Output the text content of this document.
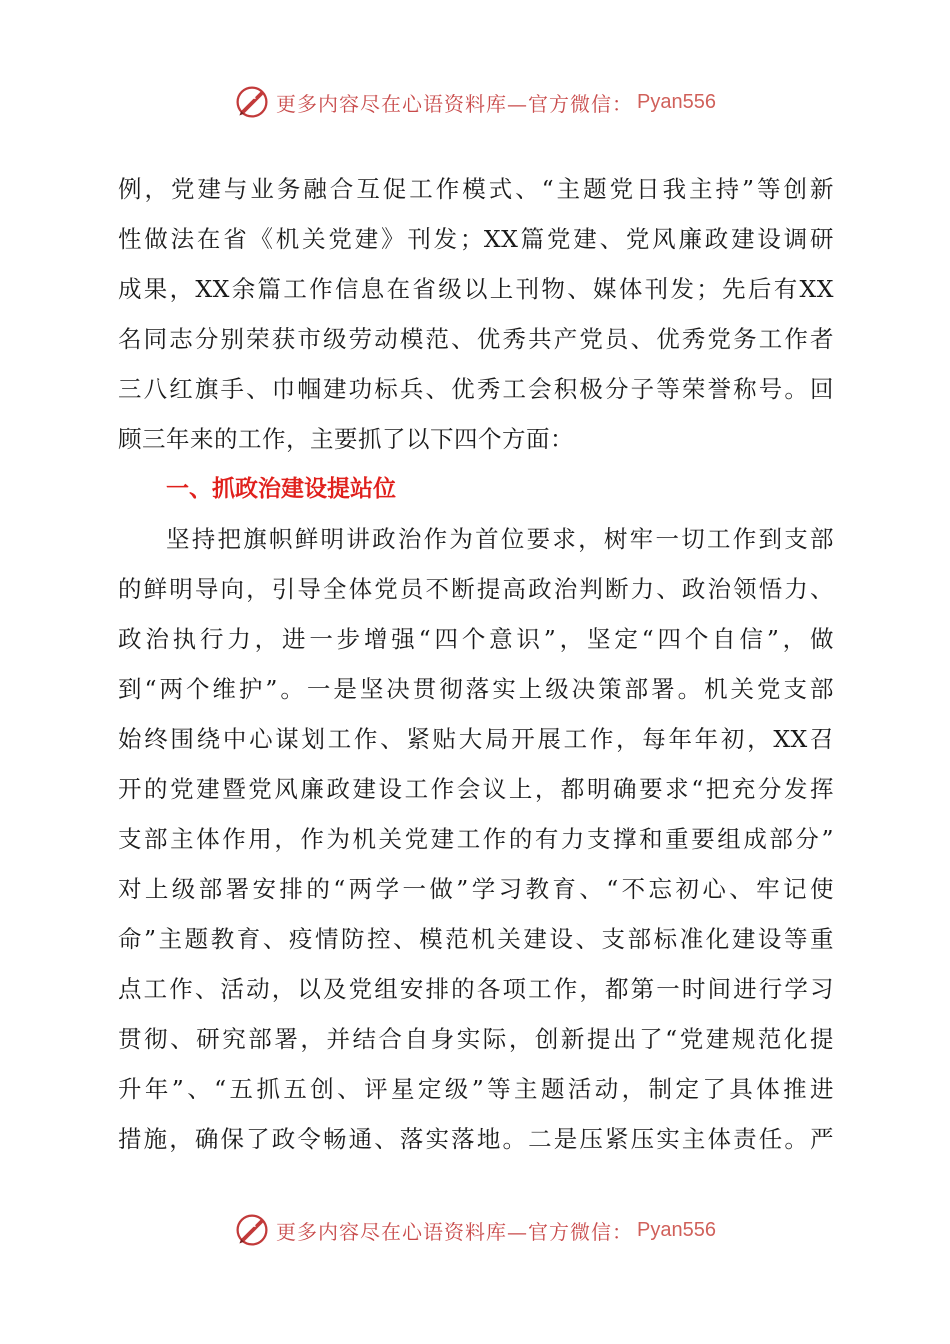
更多内容尽在心语资料库—官方微信： Pyan556
例，党建与业务融合互促工作模式、“主题党日我主持”等创新
性做法在省《机关党建》刊发；XX篇党建、党风廉政建设调研
成果，XX余篇工作信息在省级以上刊物、媒体刊发；先后有XX
名同志分别荣获市级劳动模范、优秀共产党员、优秀党务工作者
三八红旗手、巾帼建功标兵、优秀工会积极分子等荣誉称号。回
顾三年来的工作，主要抓了以下四个方面：
一、抓政治建设提站位
坚持把旗帜鲜明讲政治作为首位要求，树牢一切工作到支部
的鲜明导向，引导全体党员不断提高政治判断力、政治领悟力、
政治执行力，进一步增强“四个意识”，坚定“四个自信”，做
到“两个维护”。一是坚决贯彻落实上级决策部署。机关党支部
始终围绕中心谋划工作、紧贴大局开展工作，每年年初，XX召
开的党建暨党风廉政建设工作会议上，都明确要求“把充分发挥
支部主体作用，作为机关党建工作的有力支撑和重要组成部分”
对上级部署安排的“两学一做”学习教育、“不忘初心、牢记使
命”主题教育、疫情防控、模范机关建设、支部标准化建设等重
点工作、活动，以及党组安排的各项工作，都第一时间进行学习
贯彻、研究部署，并结合自身实际，创新提出了“党建规范化提
升年”、“五抓五创、评星定级”等主题活动，制定了具体推进
措施，确保了政令畅通、落实落地。二是压紧压实主体责任。严
更多内容尽在心语资料库—官方微信： Pyan556
